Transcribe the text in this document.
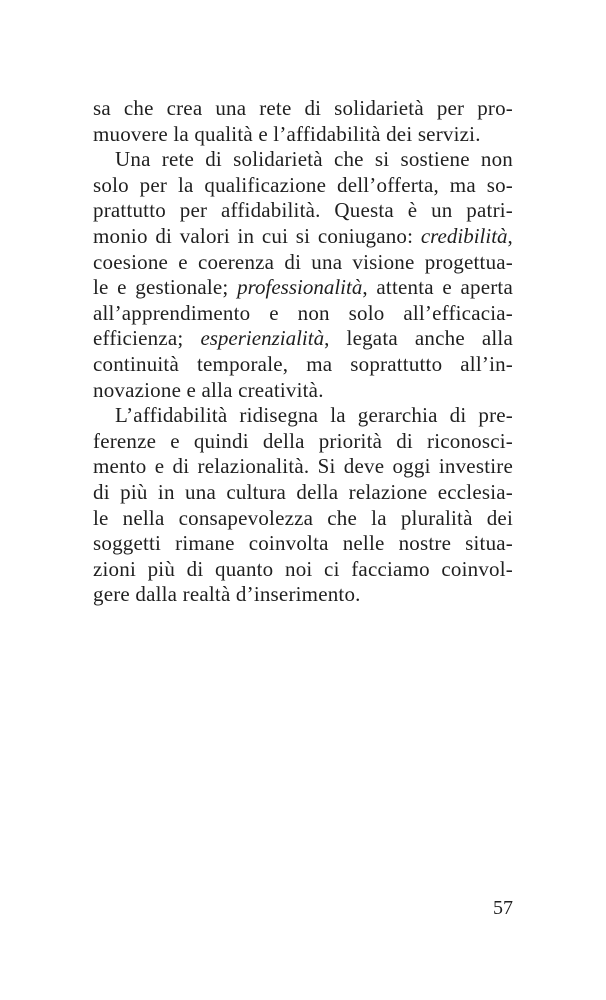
sa che crea una rete di solidarietà per pro-
muovere la qualità e l’affidabilità dei servizi.
Una rete di solidarietà che si sostiene non
solo per la qualificazione dell’offerta, ma so-
prattutto per affidabilità. Questa è un patri-
monio di valori in cui si coniugano: credibilità,
coesione e coerenza di una visione progettua-
le e gestionale; professionalità, attenta e aperta
all’apprendimento e non solo all’efficacia-
efficienza; esperienzialità, legata anche alla
continuità temporale, ma soprattutto all’in-
novazione e alla creatività.
L’affidabilità ridisegna la gerarchia di pre-
ferenze e quindi della priorità di riconosci-
mento e di relazionalità. Si deve oggi investire
di più in una cultura della relazione ecclesia-
le nella consapevolezza che la pluralità dei
soggetti rimane coinvolta nelle nostre situa-
zioni più di quanto noi ci facciamo coinvol-
gere dalla realtà d’inserimento.
57
